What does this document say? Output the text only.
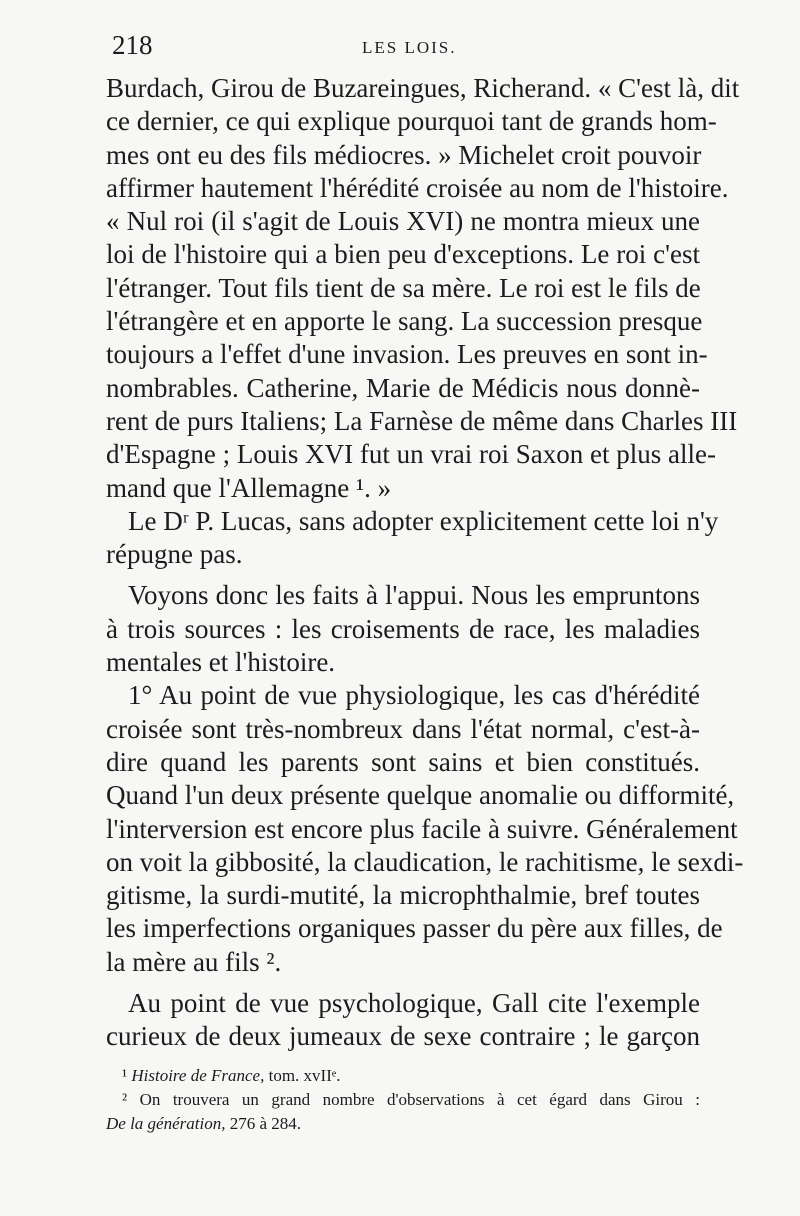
218	LES LOIS.
Burdach, Girou de Buzareingues, Richerand. « C'est là, dit
ce dernier, ce qui explique pourquoi tant de grands hom-
mes ont eu des fils médiocres. » Michelet croit pouvoir
affirmer hautement l'hérédité croisée au nom de l'histoire.
« Nul roi (il s'agit de Louis XVI) ne montra mieux une
loi de l'histoire qui a bien peu d'exceptions. Le roi c'est
l'étranger. Tout fils tient de sa mère. Le roi est le fils de
l'étrangère et en apporte le sang. La succession presque
toujours a l'effet d'une invasion. Les preuves en sont in-
nombrables. Catherine, Marie de Médicis nous donnè-
rent de purs Italiens; La Farnèse de même dans Charles III
d'Espagne ; Louis XVI fut un vrai roi Saxon et plus alle-
mand que l'Allemagne ¹. »
Le Dʳ P. Lucas, sans adopter explicitement cette loi n'y
répugne pas.
Voyons donc les faits à l'appui. Nous les empruntons
à trois sources : les croisements de race, les maladies
mentales et l'histoire.
1° Au point de vue physiologique, les cas d'hérédité
croisée sont très-nombreux dans l'état normal, c'est-à-
dire quand les parents sont sains et bien constitués.
Quand l'un deux présente quelque anomalie ou difformité,
l'interversion est encore plus facile à suivre. Généralement
on voit la gibbosité, la claudication, le rachitisme, le sexdi-
gitisme, la surdi-mutité, la microphthalmie, bref toutes
les imperfections organiques passer du père aux filles, de
la mère au fils ².
Au point de vue psychologique, Gall cite l'exemple
curieux de deux jumeaux de sexe contraire ; le garçon
¹ Histoire de France, tom. xvIIᵉ.
² On trouvera un grand nombre d'observations à cet égard dans Girou :
De la génération, 276 à 284.
